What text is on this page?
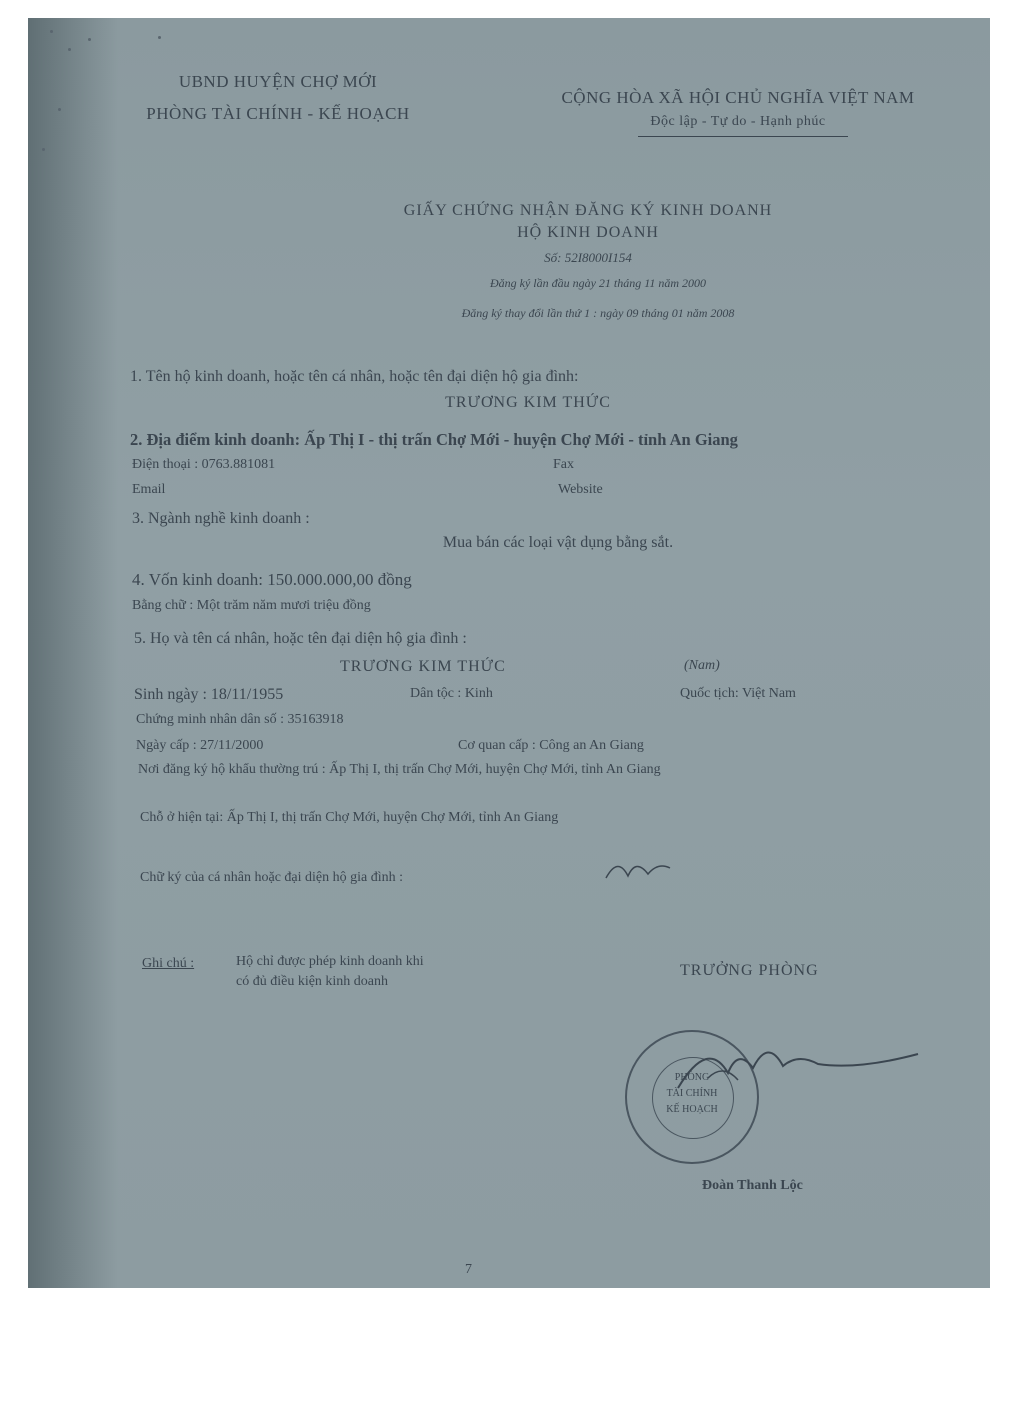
UBND HUYỆN CHỢ MỚI
PHÒNG TÀI CHÍNH - KẾ HOẠCH
CỘNG HÒA XÃ HỘI CHỦ NGHĨA VIỆT NAM
Độc lập - Tự do - Hạnh phúc
GIẤY CHỨNG NHẬN ĐĂNG KÝ KINH DOANH
HỘ KINH DOANH
Số: 52I8000I154
Đăng ký lần đầu ngày 21 tháng 11 năm 2000
Đăng ký thay đổi lần thứ 1 : ngày 09 tháng 01 năm 2008
1. Tên hộ kinh doanh, hoặc tên cá nhân, hoặc tên đại diện hộ gia đình:
TRƯƠNG KIM THỨC
2. Địa điểm kinh doanh: Ấp Thị I - thị trấn Chợ Mới - huyện Chợ Mới - tỉnh An Giang
Điện thoại : 0763.881081	Fax
Email	Website
3. Ngành nghề kinh doanh :
Mua bán các loại vật dụng bằng sắt.
4. Vốn kinh doanh: 150.000.000,00 đồng
Bằng chữ : Một trăm năm mươi triệu đồng
5. Họ và tên cá nhân, hoặc tên đại diện hộ gia đình :
TRƯƠNG KIM THỨC	(Nam)
Sinh ngày : 18/11/1955	Dân tộc : Kinh	Quốc tịch: Việt Nam
Chứng minh nhân dân số : 35163918
Ngày cấp : 27/11/2000	Cơ quan cấp : Công an An Giang
Nơi đăng ký hộ khẩu thường trú : Ấp Thị I, thị trấn Chợ Mới, huyện Chợ Mới, tỉnh An Giang
Chỗ ở hiện tại: Ấp Thị I, thị trấn Chợ Mới, huyện Chợ Mới, tỉnh An Giang
Chữ ký của cá nhân hoặc đại diện hộ gia đình :
Ghi chú :	Hộ chỉ được phép kinh doanh khi
có đủ điều kiện kinh doanh
TRƯỞNG PHÒNG
PHÒNG
TÀI CHÍNH
KẾ HOẠCH
Đoàn Thanh Lộc
7
